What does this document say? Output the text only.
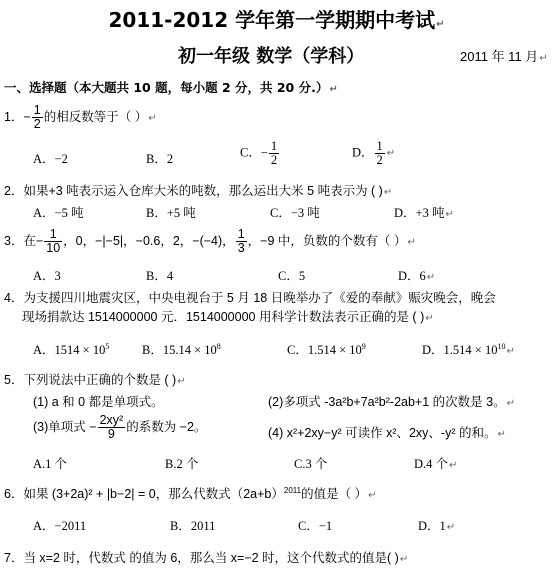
2011-2012 学年第一学期期中考试↵
初一年级 数学（学科）	2011 年 11 月↵
一、选择题（本大题共 10 题，每小题 2 分，共 20 分.）↵
1．− $\frac{1}{2}$ 的相反数等于（ ）↵
A．−2	B．2	C．− $\frac{1}{2}$	D． $\frac{1}{2}$ ↵
2．如果+3 吨表示运入仓库大米的吨数，那么运出大米 5 吨表示为 ( )↵
A．−5 吨	B．+5 吨	C．−3 吨	D．+3 吨↵
3．在− $\frac{1}{10}$ ，0，−|−5|，−0.6，2，−(−4)， $\frac{1}{3}$ ，−9 中，负数的个数有（ ）↵
A．3	B．4	C．5	D．6↵
4．为支援四川地震灾区，中央电视台于 5 月 18 日晚举办了《爱的奉献》赈灾晚会，晚会
现场捐款达 1514000000 元．1514000000 用科学计数法表示正确的是 ( )↵
A．$1514 \times 10^5$	B．$15.14 \times 10^8$	C．$1.514 \times 10^9$	D．$1.514 \times 10^{10}↵$
5．下列说法中正确的个数是 ( )↵
(1) a 和 0 都是单项式。	(2)多项式 -3a²b+7a²b²-2ab+1 的次数是 3。↵
(3)单项式 − $\frac{\text{2xy²}}{9}$ 的系数为 −2。	(4) x²+2xy−y² 可读作 x²、2xy、-y² 的和。↵
A.1 个	B.2 个	C.3 个	D.4 个↵
6．如果 (3+2a)² + |b−2| = 0，那么代数式$(2a+b)^{2011}$的值是（ ）↵
A．−2011	B．2011	C．−1	D．1↵
7．当 x=2 时，代数式 的值为 6，那么当 x=−2 时，这个代数式的值是( )↵
